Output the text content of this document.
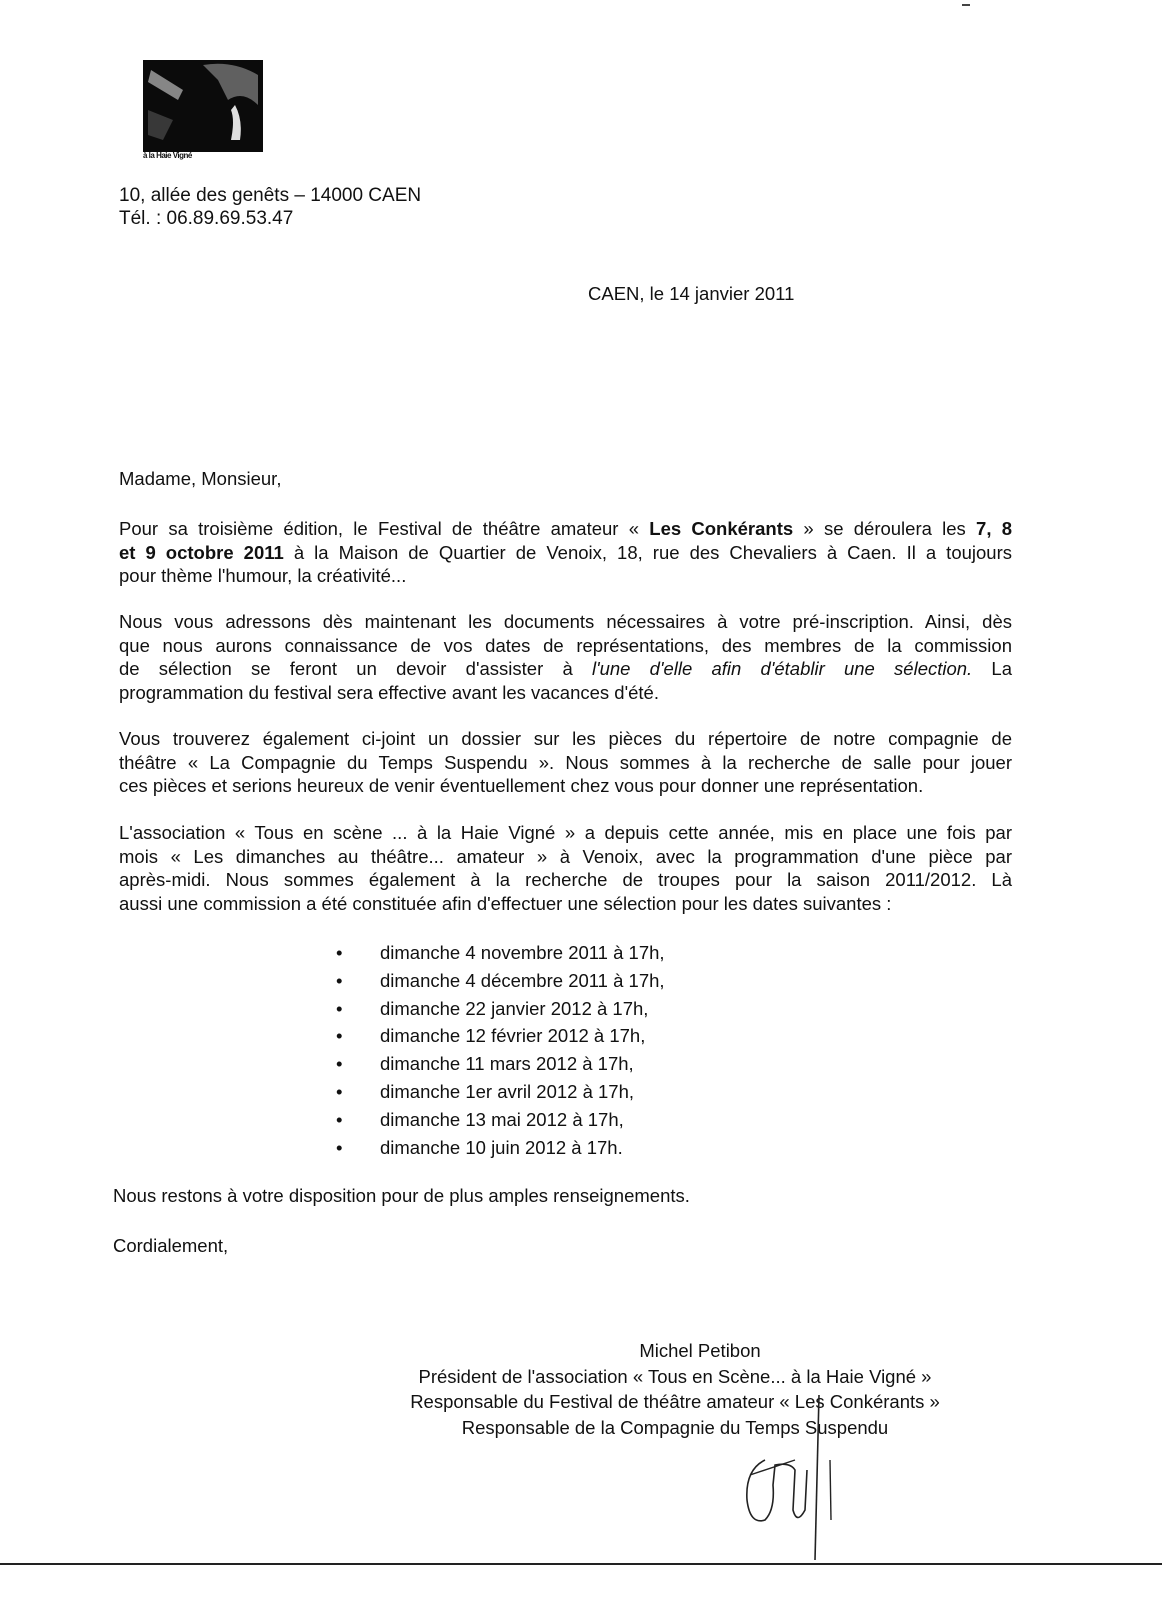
à la Haie Vigné
10, allée des genêts – 14000 CAEN
Tél. : 06.89.69.53.47
CAEN, le 14 janvier 2011
Madame, Monsieur,
Pour sa troisième édition, le Festival de théâtre amateur « Les Conkérants » se déroulera les 7, 8
et 9 octobre 2011 à la Maison de Quartier de Venoix, 18, rue des Chevaliers à Caen. Il a toujours
pour thème l'humour, la créativité...
Nous vous adressons dès maintenant les documents nécessaires à votre pré-inscription. Ainsi, dès
que nous aurons connaissance de vos dates de représentations, des membres de la commission
de sélection se feront un devoir d'assister à l'une d'elle afin d'établir une sélection. La
programmation du festival sera effective avant les vacances d'été.
Vous trouverez également ci-joint un dossier sur les pièces du répertoire de notre compagnie de
théâtre « La Compagnie du Temps Suspendu ». Nous sommes à la recherche de salle pour jouer
ces pièces et serions heureux de venir éventuellement chez vous pour donner une représentation.
L'association « Tous en scène ... à la Haie Vigné » a depuis cette année, mis en place une fois par
mois « Les dimanches au théâtre... amateur » à Venoix, avec la programmation d'une pièce par
après-midi. Nous sommes également à la recherche de troupes pour la saison 2011/2012. Là
aussi une commission a été constituée afin d'effectuer une sélection pour les dates suivantes :
•	dimanche 4 novembre 2011 à 17h,
•	dimanche 4 décembre 2011 à 17h,
•	dimanche 22 janvier 2012 à 17h,
•	dimanche 12 février 2012 à 17h,
•	dimanche 11 mars 2012 à 17h,
•	dimanche 1er avril 2012 à 17h,
•	dimanche 13 mai 2012 à 17h,
•	dimanche 10 juin 2012 à 17h.
Nous restons à votre disposition pour de plus amples renseignements.
Cordialement,
Michel Petibon
Président de l'association « Tous en Scène... à la Haie Vigné »
Responsable du Festival de théâtre amateur « Les Conkérants »
Responsable de la Compagnie du Temps Suspendu
